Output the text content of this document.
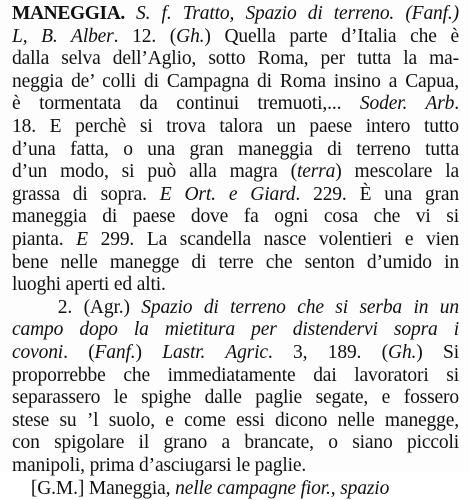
MANEGGIA. S. f. Tratto, Spazio di terreno. (Fanf.)
L, B. Alber. 12. (Gh.) Quella parte d’Italia che è
dalla selva dell’Aglio, sotto Roma, per tutta la ma-
neggia de’ colli di Campagna di Roma insino a Capua,
è tormentata da continui tremuoti,... Soder. Arb.
18. E perchè si trova talora un paese intero tutto
d’una fatta, o una gran maneggia di terreno tutta
d’un modo, si può alla magra (terra) mescolare la
grassa di sopra. E Ort. e Giard. 229. È una gran
maneggia di paese dove fa ogni cosa che vi si
pianta. E 299. La scandella nasce volentieri e vien
bene nelle manegge di terre che senton d’umido in
luoghi aperti ed alti.
2. (Agr.) Spazio di terreno che si serba in un
campo dopo la mietitura per distendervi sopra i
covoni. (Fanf.) Lastr. Agric. 3, 189. (Gh.) Si
proporrebbe che immediatamente dai lavoratori si
separassero le spighe dalle paglie segate, e fossero
stese su ’l suolo, e come essi dicono nelle manegge,
con spigolare il grano a brancate, o siano piccoli
manipoli, prima d’asciugarsi le paglie.
[G.M.] Maneggia, nelle campagne fior., spazio
